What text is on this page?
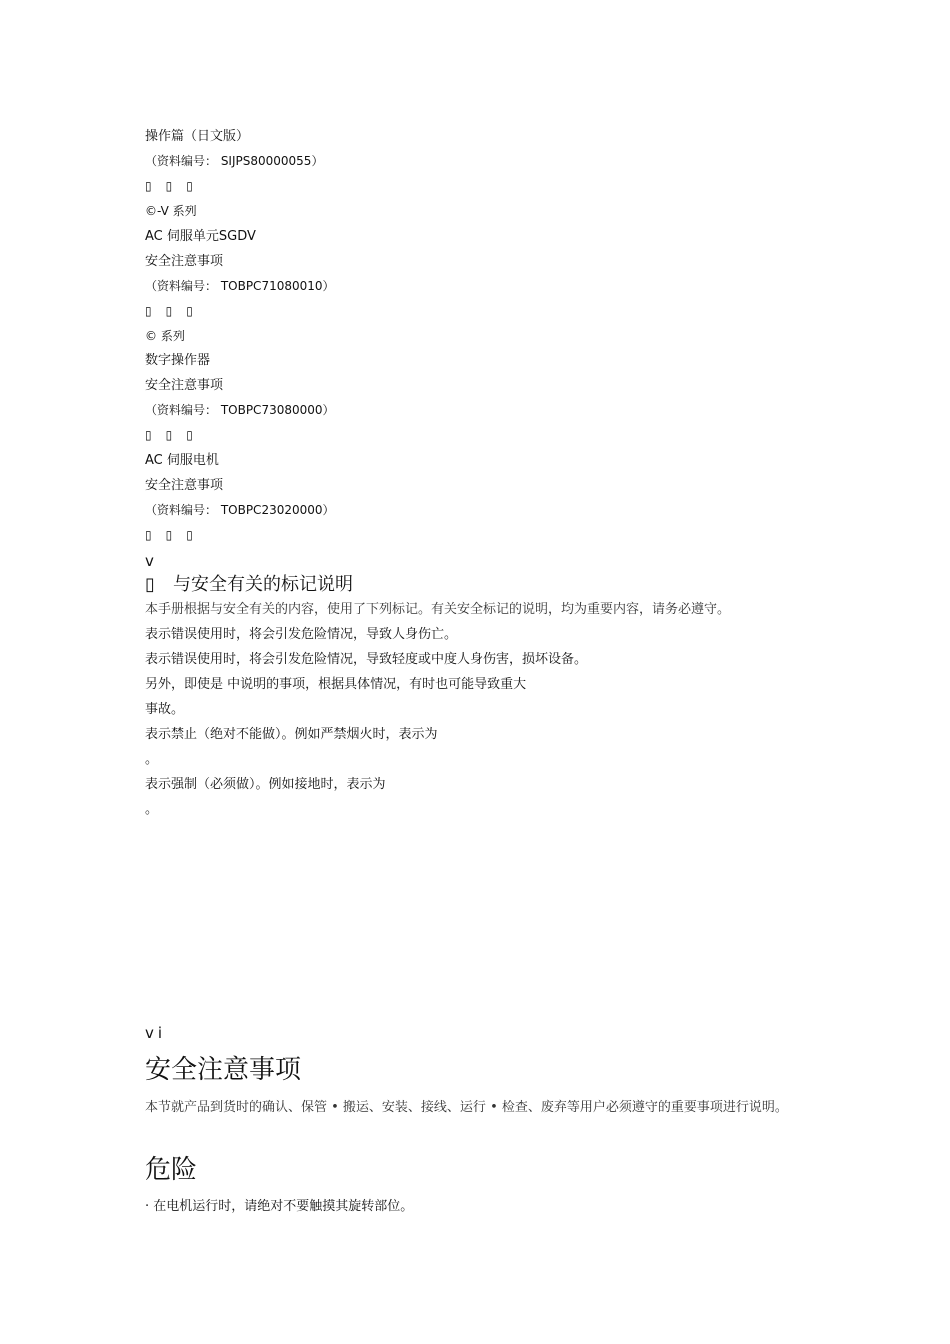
操作篇（日文版）
（资料编号： SIJPS80000055）
▯▯▯
©-V 系列
AC 伺服单元SGDV
安全注意事项
（资料编号： TOBPC71080010）
▯▯▯
© 系列
数字操作器
安全注意事项
（资料编号： TOBPC73080000）
▯▯▯
AC 伺服电机
安全注意事项
（资料编号： TOBPC23020000）
▯▯▯
v
▯ 与安全有关的标记说明
本手册根据与安全有关的内容，使用了下列标记。有关安全标记的说明，均为重要内容，请务必遵守。
表示错误使用时，将会引发危险情况，导致人身伤亡。
表示错误使用时，将会引发危险情况，导致轻度或中度人身伤害，损坏设备。
另外，即使是 中说明的事项，根据具体情况，有时也可能导致重大
事故。
表示禁止（绝对不能做）。例如严禁烟火时，表示为
。
表示强制（必须做）。例如接地时，表示为
。
vi
安全注意事项
本节就产品到货时的确认、保管 • 搬运、安装、接线、运行 • 检查、废弃等用户必须遵守的重要事项进行说明。
危险
· 在电机运行时，请绝对不要触摸其旋转部位。
